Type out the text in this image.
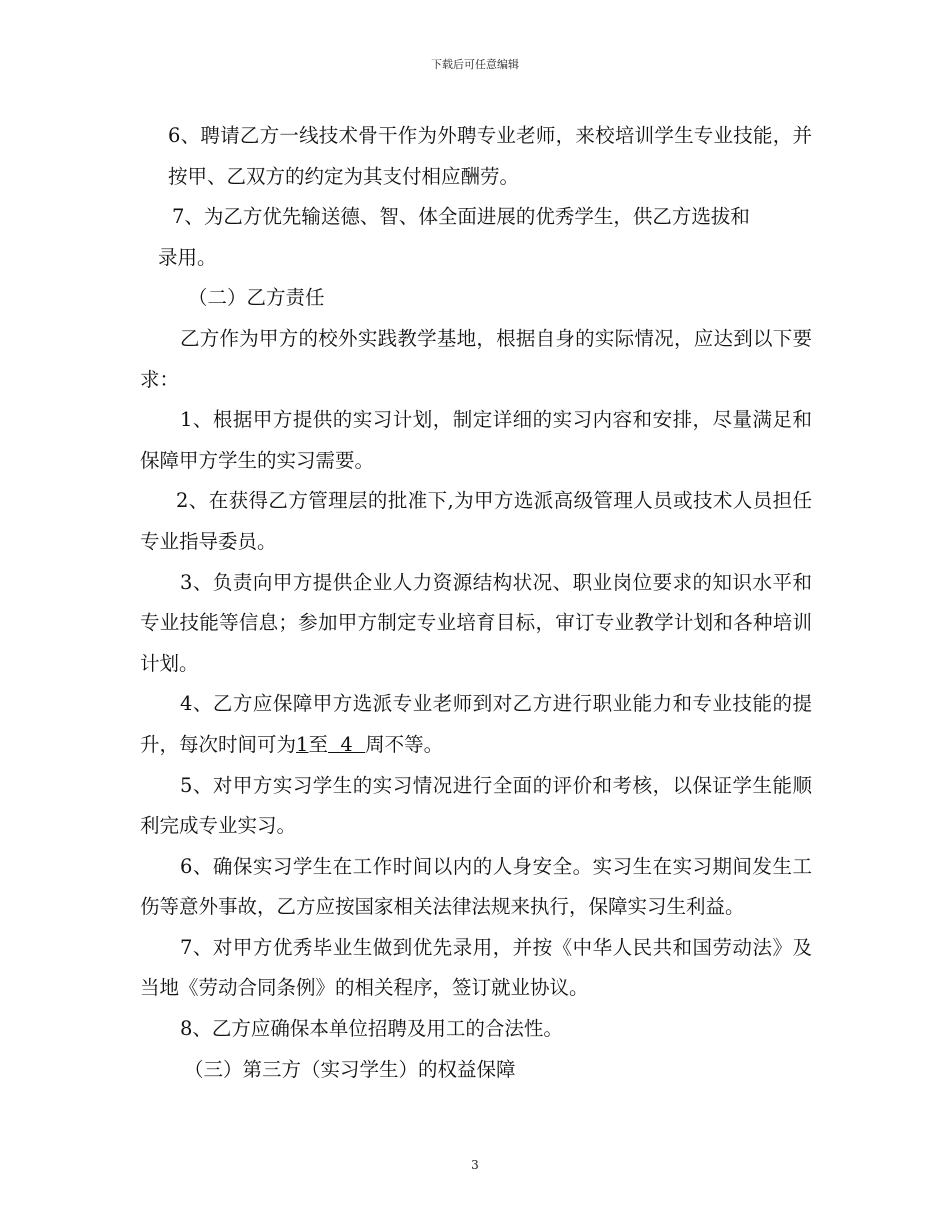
下载后可任意编辑

6、聘请乙方一线技术骨干作为外聘专业老师，来校培训学生专业技能，并按甲、乙双方的约定为其支付相应酬劳。

7、为乙方优先输送德、智、体全面进展的优秀学生，供乙方选拔和

录用。

（二）乙方责任

乙方作为甲方的校外实践教学基地，根据自身的实际情况，应达到以下要求：

1、根据甲方提供的实习计划，制定详细的实习内容和安排，尽量满足和保障甲方学生的实习需要。

2、在获得乙方管理层的批准下,为甲方选派高级管理人员或技术人员担任专业指导委员。

3、负责向甲方提供企业人力资源结构状况、职业岗位要求的知识水平和专业技能等信息；参加甲方制定专业培育目标，审订专业教学计划和各种培训计划。

4、乙方应保障甲方选派专业老师到对乙方进行职业能力和专业技能的提升，每次时间可为1至  4  周不等。

5、对甲方实习学生的实习情况进行全面的评价和考核，以保证学生能顺利完成专业实习。

6、确保实习学生在工作时间以内的人身安全。实习生在实习期间发生工伤等意外事故，乙方应按国家相关法律法规来执行，保障实习生利益。

7、对甲方优秀毕业生做到优先录用，并按《中华人民共和国劳动法》及当地《劳动合同条例》的相关程序，签订就业协议。

8、乙方应确保本单位招聘及用工的合法性。

（三）第三方（实习学生）的权益保障

3
